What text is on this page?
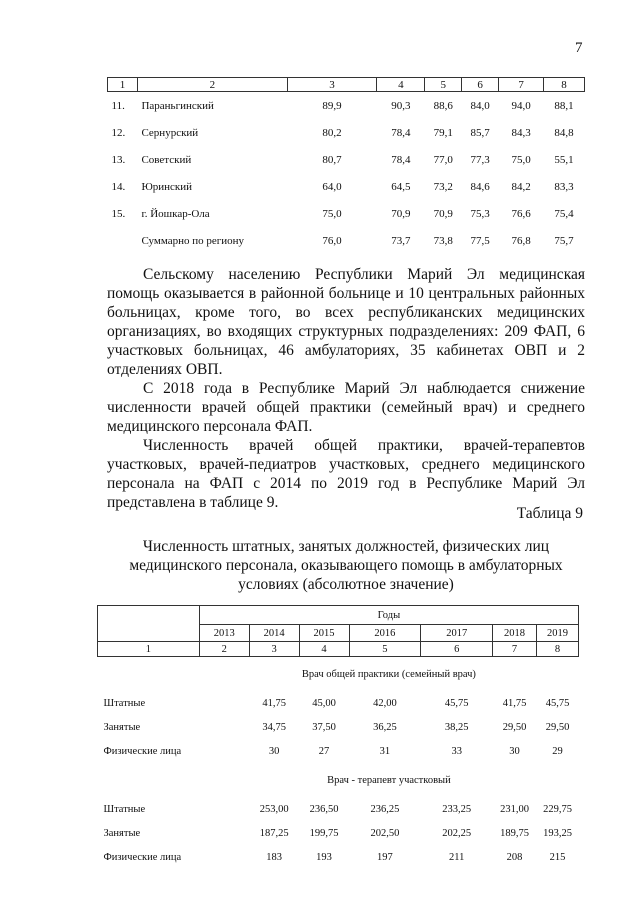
7
1	2	3	4	5	6	7	8
11.	Параньгинский	89,9	90,3	88,6	84,0	94,0	88,1
12.	Сернурский	80,2	78,4	79,1	85,7	84,3	84,8
13.	Советский	80,7	78,4	77,0	77,3	75,0	55,1
14.	Юринский	64,0	64,5	73,2	84,6	84,2	83,3
15.	г. Йошкар-Ола	75,0	70,9	70,9	75,3	76,6	75,4
	Суммарно по региону	76,0	73,7	73,8	77,5	76,8	75,7

Сельскому населению Республики Марий Эл медицинская помощь оказывается в районной больнице и 10 центральных районных больницах, кроме того, во всех республиканских медицинских организациях, во входящих структурных подразделениях: 209 ФАП, 6 участковых больницах, 46 амбулаториях, 35 кабинетах ОВП и 2 отделениях ОВП.

С 2018 года в Республике Марий Эл наблюдается снижение численности врачей общей практики (семейный врач) и среднего медицинского персонала ФАП.

Численность врачей общей практики, врачей-терапевтов участковых, врачей-педиатров участковых, среднего медицинского персонала на ФАП с 2014 по 2019 год в Республике Марий Эл представлена в таблице 9.

Таблица 9
Численность штатных, занятых должностей, физических лиц
медицинского персонала, оказывающего помощь в амбулаторных
условиях (абсолютное значение)
	Годы						
	2013	2014	2015	2016	2017	2018	2019
1	2	3	4	5	6	7	8
	Врач общей практики (семейный врач)						
Штатные		41,75	45,00	42,00	45,75	41,75	45,75
Занятые		34,75	37,50	36,25	38,25	29,50	29,50
Физические лица		30	27	31	33	30	29
	Врач - терапевт участковый						
Штатные		253,00	236,50	236,25	233,25	231,00	229,75
Занятые		187,25	199,75	202,50	202,25	189,75	193,25
Физические лица		183	193	197	211	208	215
